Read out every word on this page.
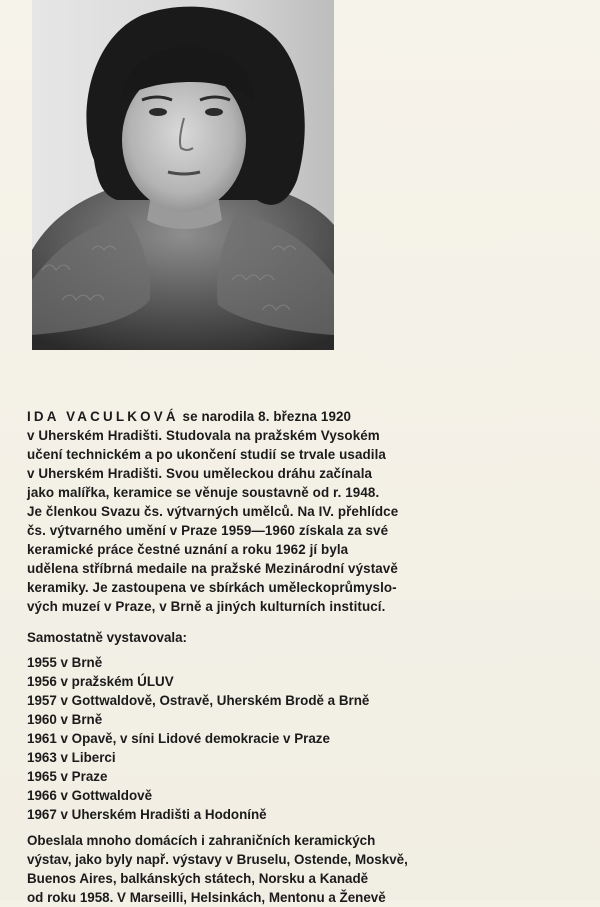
IDA VACULKOVÁ se narodila 8. března 1920
v Uherském Hradišti. Studovala na pražském Vysokém
učení technickém a po ukončení studií se trvale usadila
v Uherském Hradišti. Svou uměleckou dráhu začínala
jako malířka, keramice se věnuje soustavně od r. 1948.
Je členkou Svazu čs. výtvarných umělců. Na IV. přehlídce
čs. výtvarného umění v Praze 1959—1960 získala za své
keramické práce čestné uznání a roku 1962 jí byla
udělena stříbrná medaile na pražské Mezinárodní výstavě
keramiky. Je zastoupena ve sbírkách uměleckoprůmyslo-
vých muzeí v Praze, v Brně a jiných kulturních institucí.
Samostatně vystavovala:
1955 v Brně
1956 v pražském ÚLUV
1957 v Gottwaldově, Ostravě, Uherském Brodě a Brně
1960 v Brně
1961 v Opavě, v síni Lidové demokracie v Praze
1963 v Liberci
1965 v Praze
1966 v Gottwaldově
1967 v Uherském Hradišti a Hodoníně
Obeslala mnoho domácích i zahraničních keramických
výstav, jako byly např. výstavy v Bruselu, Ostende, Moskvě,
Buenos Aires, balkánských státech, Norsku a Kanadě
od roku 1958. V Marseilli, Helsinkách, Mentonu a Ženevě
